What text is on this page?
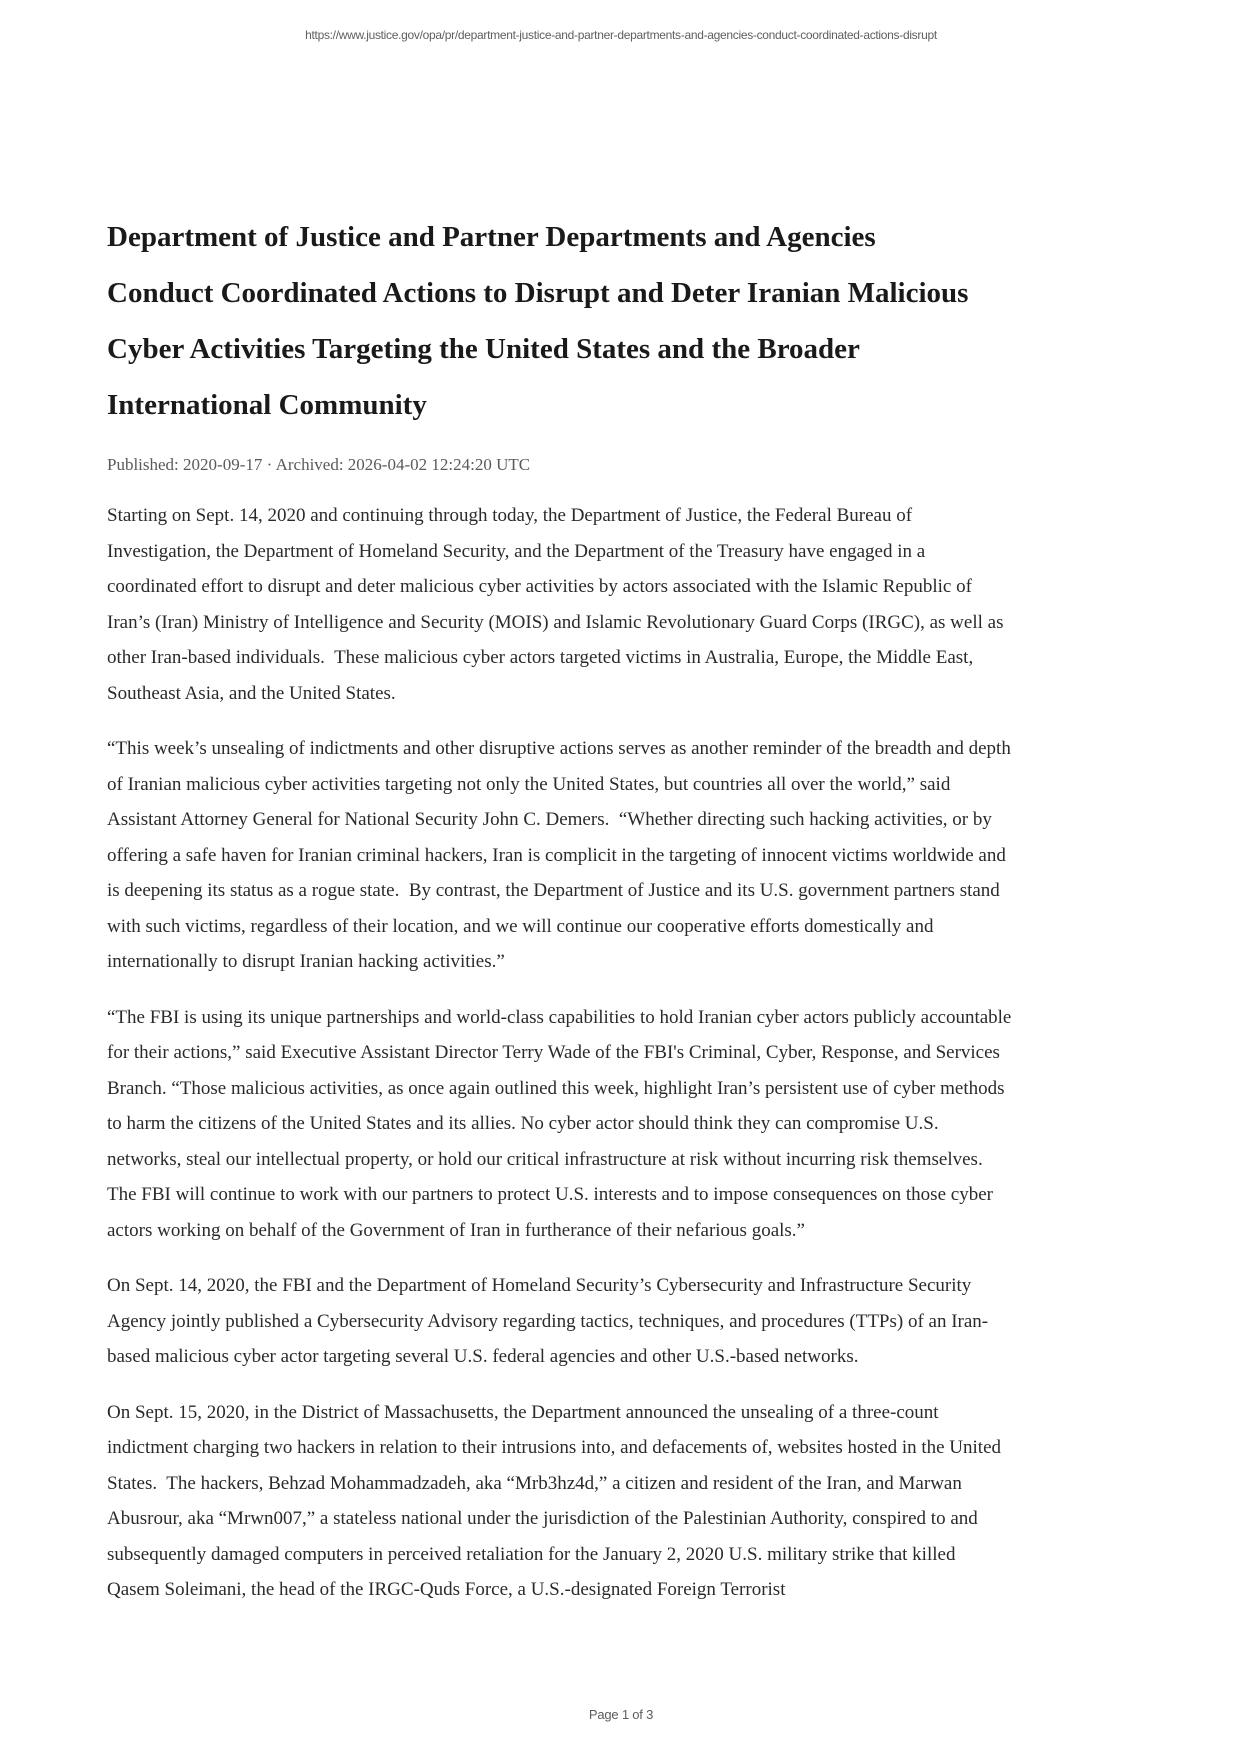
https://www.justice.gov/opa/pr/department-justice-and-partner-departments-and-agencies-conduct-coordinated-actions-disrupt
Department of Justice and Partner Departments and Agencies Conduct Coordinated Actions to Disrupt and Deter Iranian Malicious Cyber Activities Targeting the United States and the Broader International Community
Published: 2020-09-17 · Archived: 2026-04-02 12:24:20 UTC

Starting on Sept. 14, 2020 and continuing through today, the Department of Justice, the Federal Bureau of Investigation, the Department of Homeland Security, and the Department of the Treasury have engaged in a coordinated effort to disrupt and deter malicious cyber activities by actors associated with the Islamic Republic of Iran’s (Iran) Ministry of Intelligence and Security (MOIS) and Islamic Revolutionary Guard Corps (IRGC), as well as other Iran-based individuals.  These malicious cyber actors targeted victims in Australia, Europe, the Middle East, Southeast Asia, and the United States.

“This week’s unsealing of indictments and other disruptive actions serves as another reminder of the breadth and depth of Iranian malicious cyber activities targeting not only the United States, but countries all over the world,” said Assistant Attorney General for National Security John C. Demers.  “Whether directing such hacking activities, or by offering a safe haven for Iranian criminal hackers, Iran is complicit in the targeting of innocent victims worldwide and is deepening its status as a rogue state.  By contrast, the Department of Justice and its U.S. government partners stand with such victims, regardless of their location, and we will continue our cooperative efforts domestically and internationally to disrupt Iranian hacking activities.”

“The FBI is using its unique partnerships and world-class capabilities to hold Iranian cyber actors publicly accountable for their actions,” said Executive Assistant Director Terry Wade of the FBI's Criminal, Cyber, Response, and Services Branch. “Those malicious activities, as once again outlined this week, highlight Iran’s persistent use of cyber methods to harm the citizens of the United States and its allies. No cyber actor should think they can compromise U.S. networks, steal our intellectual property, or hold our critical infrastructure at risk without incurring risk themselves. The FBI will continue to work with our partners to protect U.S. interests and to impose consequences on those cyber actors working on behalf of the Government of Iran in furtherance of their nefarious goals.”

On Sept. 14, 2020, the FBI and the Department of Homeland Security’s Cybersecurity and Infrastructure Security Agency jointly published a Cybersecurity Advisory regarding tactics, techniques, and procedures (TTPs) of an Iran-based malicious cyber actor targeting several U.S. federal agencies and other U.S.-based networks.

On Sept. 15, 2020, in the District of Massachusetts, the Department announced the unsealing of a three-count indictment charging two hackers in relation to their intrusions into, and defacements of, websites hosted in the United States.  The hackers, Behzad Mohammadzadeh, aka “Mrb3hz4d,” a citizen and resident of the Iran, and Marwan Abusrour, aka “Mrwn007,” a stateless national under the jurisdiction of the Palestinian Authority, conspired to and subsequently damaged computers in perceived retaliation for the January 2, 2020 U.S. military strike that killed Qasem Soleimani, the head of the IRGC-Quds Force, a U.S.-designated Foreign Terrorist

Page 1 of 3
